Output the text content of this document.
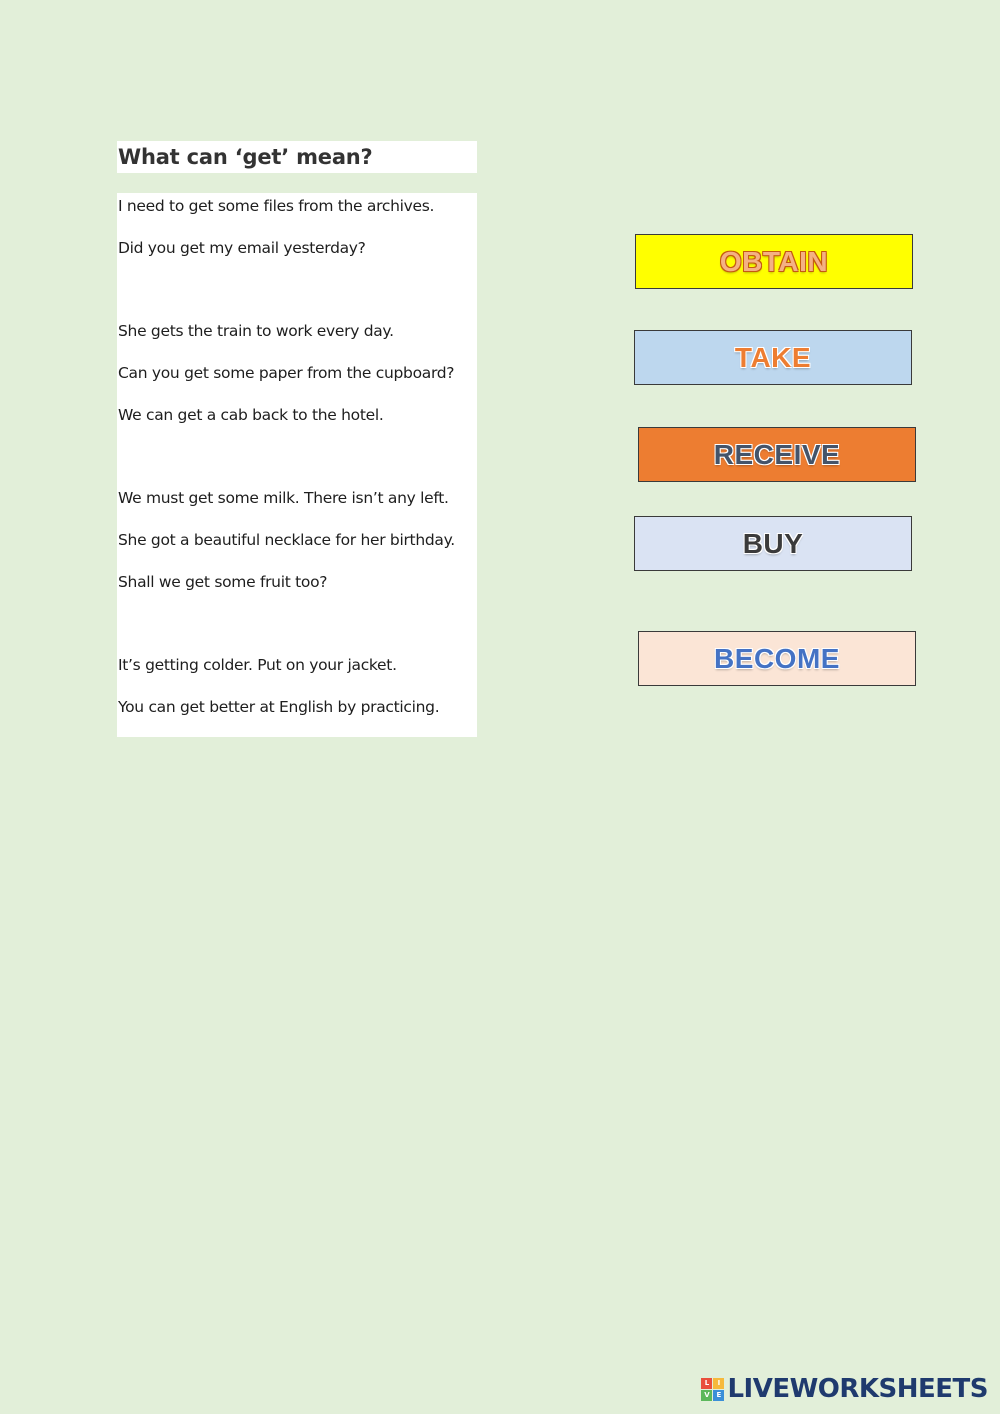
What can ‘get’ mean?
I need to get some files from the archives.
Did you get my email yesterday?
She gets the train to work every day.
Can you get some paper from the cupboard?
We can get a cab back to the hotel.
We must get some milk. There isn’t any left.
She got a beautiful necklace for her birthday.
Shall we get some fruit too?
It’s getting colder. Put on your jacket.
You can get better at English by practicing.
OBTAIN
TAKE
RECEIVE
BUY
BECOME
L	I
V E LIVEWORKSHEETS
